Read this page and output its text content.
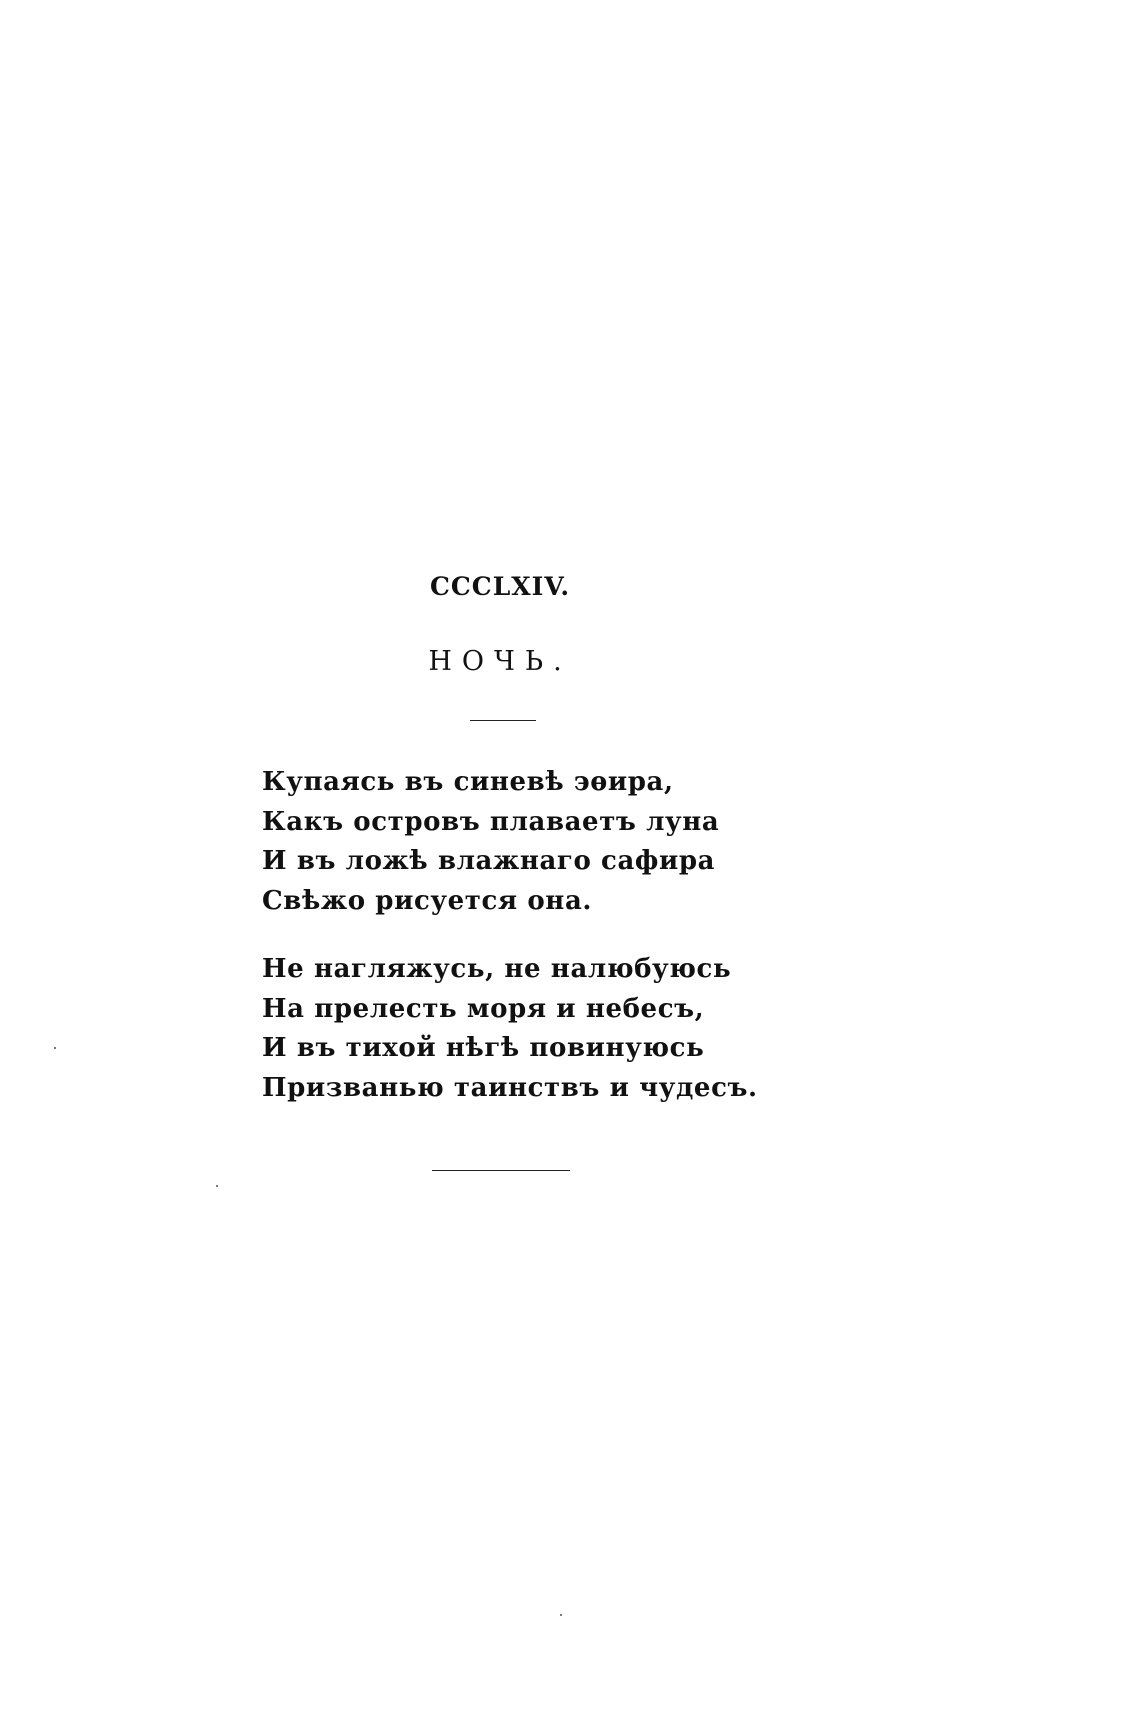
CCCLXIV.
НОЧЬ.
Купаясь въ синевѣ эѳира,
Какъ островъ плаваетъ луна
И въ ложѣ влажнаго сафира
Свѣжо рисуется она.
Не нагляжусь, не налюбуюсь
На прелесть моря и небесъ,
И въ тихой нѣгѣ повинуюсь
Призванью таинствъ и чудесъ.
